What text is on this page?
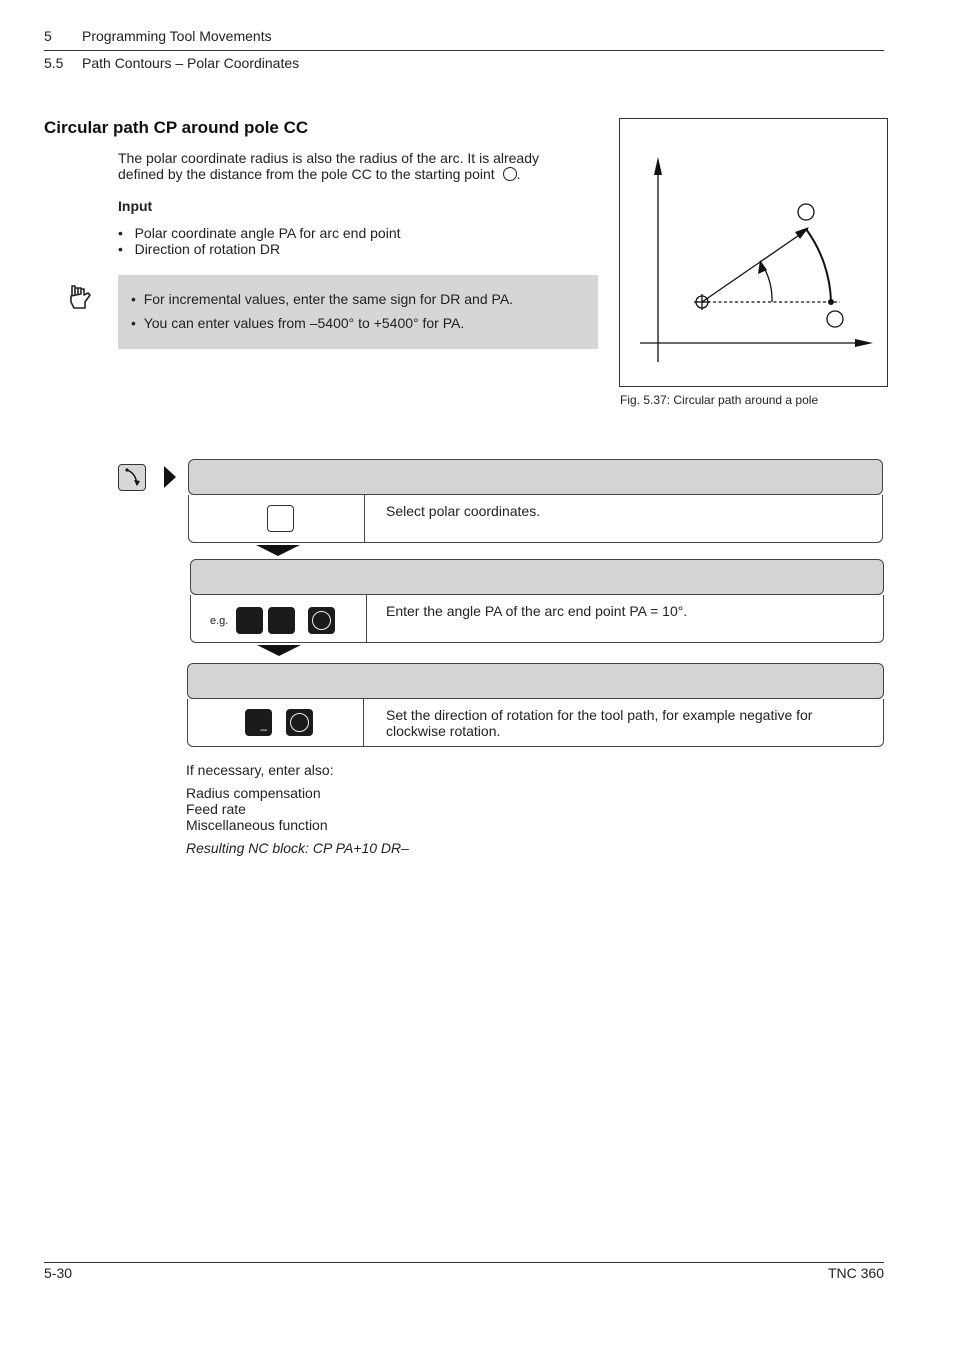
5 Programming Tool Movements
5.5 Path Contours – Polar Coordinates
Circular path CP around pole CC
The polar coordinate radius is also the radius of the arc. It is already
defined by the distance from the pole CC to the starting point .
Input
•   Polar coordinate angle PA for arc end point
•   Direction of rotation DR
•  For incremental values, enter the same sign for DR and PA.
•  You can enter values from –5400° to +5400° for PA.
Fig. 5.37: Circular path around a pole
Select polar coordinates.
e.g.
Enter the angle PA of the arc end point PA = 10°.
–
Set the direction of rotation for the tool path, for example negative for clockwise rotation.
If necessary, enter also:
Radius compensation
Feed rate
Miscellaneous function
Resulting NC block: CP PA+10 DR–
5-30	TNC 360
